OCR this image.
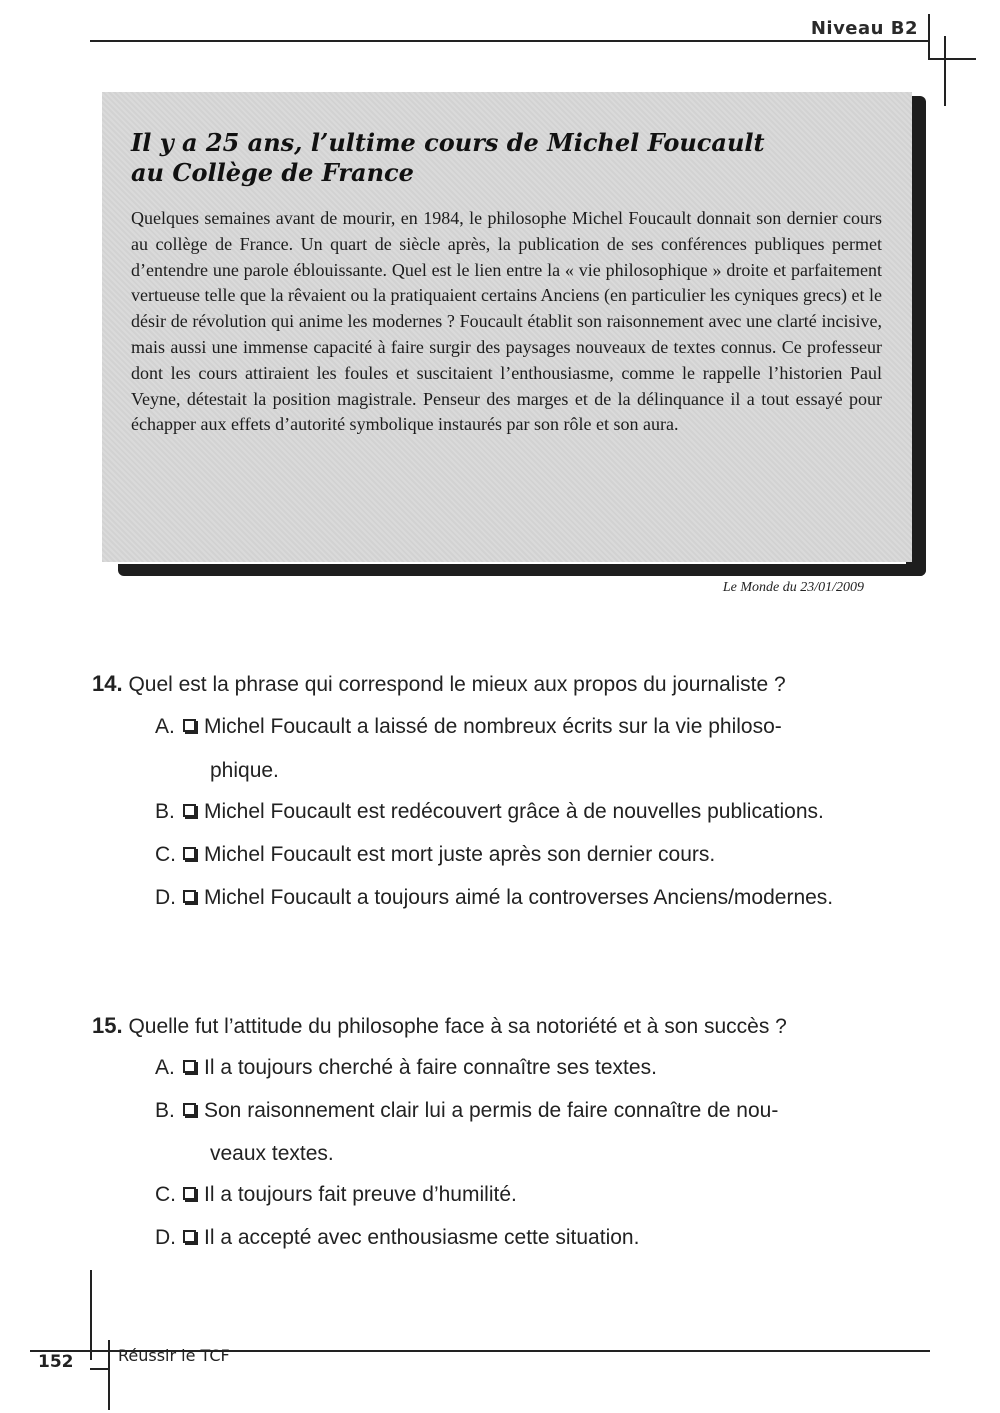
Niveau B2
Il y a 25 ans, l’ultime cours de Michel Foucault
au Collège de France

Quelques semaines avant de mourir, en 1984, le philosophe Michel Foucault donnait son dernier cours au collège de France. Un quart de siècle après, la publication de ses conférences publiques permet d’entendre une parole éblouissante. Quel est le lien entre la « vie philosophique » droite et parfaitement vertueuse telle que la rêvaient ou la pratiquaient certains Anciens (en particulier les cyniques grecs) et le désir de révolution qui anime les modernes ? Foucault établit son raisonnement avec une clarté incisive, mais aussi une immense capacité à faire surgir des paysages nouveaux de textes connus. Ce professeur dont les cours attiraient les foules et suscitaient l’enthousiasme, comme le rappelle l’historien Paul Veyne, détestait la position magistrale. Penseur des marges et de la délinquance il a tout essayé pour échapper aux effets d’autorité symbolique instaurés par son rôle et son aura.

Le Monde du 23/01/2009
14. Quel est la phrase qui correspond le mieux aux propos du journaliste ?
A. Michel Foucault a laissé de nombreux écrits sur la vie philoso-
phique.
B. Michel Foucault est redécouvert grâce à de nouvelles publications.
C. Michel Foucault est mort juste après son dernier cours.
D. Michel Foucault a toujours aimé la controverses Anciens/modernes.
15. Quelle fut l’attitude du philosophe face à sa notoriété et à son succès ?
A. Il a toujours cherché à faire connaître ses textes.
B. Son raisonnement clair lui a permis de faire connaître de nou-
veaux textes.
C. Il a toujours fait preuve d’humilité.
D. Il a accepté avec enthousiasme cette situation.
152	Réussir le TCF
